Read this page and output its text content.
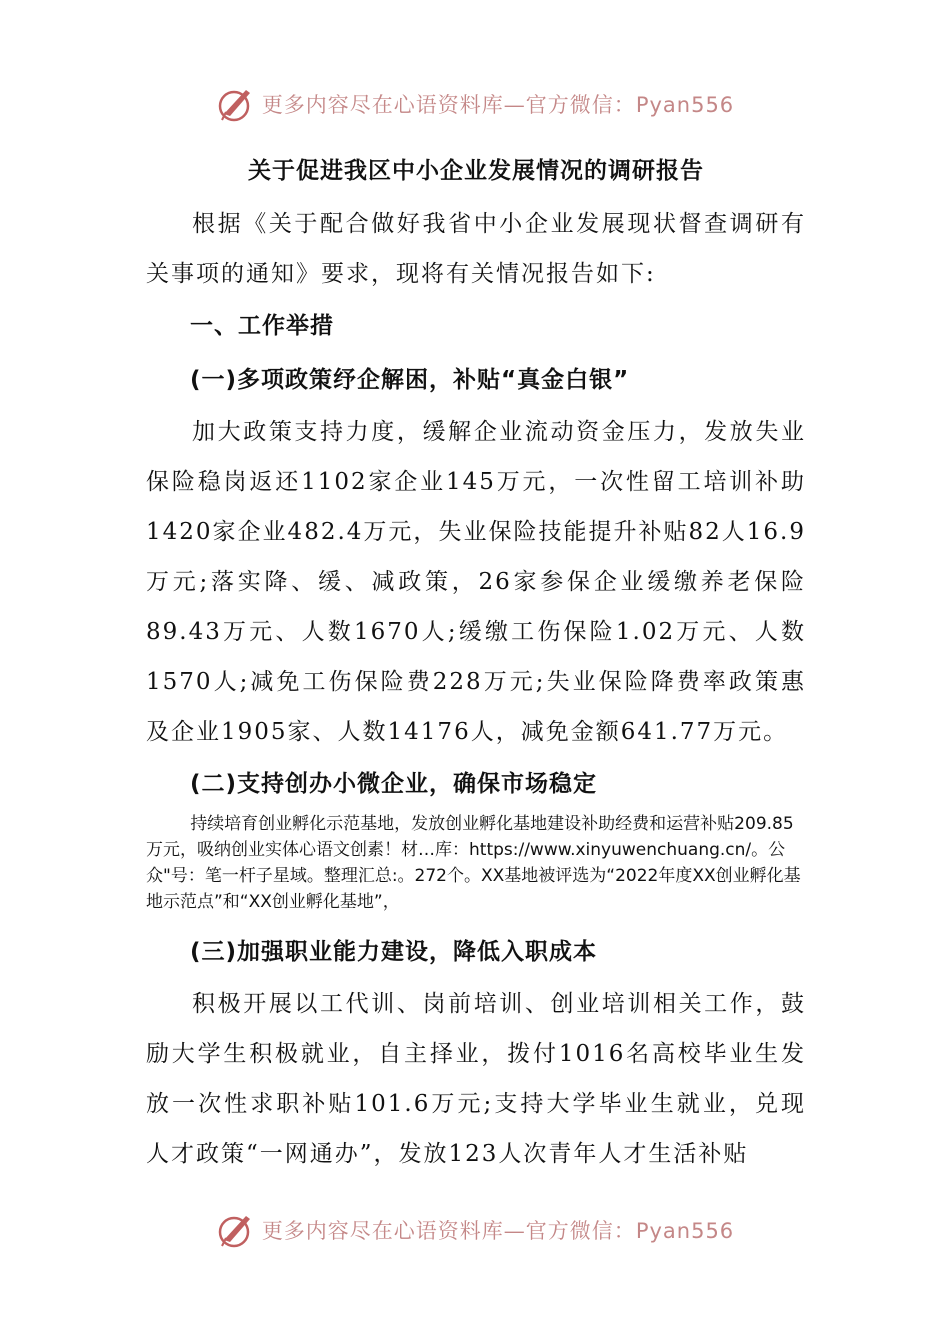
更多内容尽在心语资料库—官方微信：Pyan556
关于促进我区中小企业发展情况的调研报告

根据《关于配合做好我省中小企业发展现状督查调研有关事项的通知》要求，现将有关情况报告如下:

一、工作举措
(一)多项政策纾企解困，补贴“真金白银”

加大政策支持力度，缓解企业流动资金压力，发放失业保险稳岗返还1102家企业145万元，一次性留工培训补助1420家企业482.4万元，失业保险技能提升补贴82人16.9万元;落实降、缓、减政策，26家参保企业缓缴养老保险89.43万元、人数1670人;缓缴工伤保险1.02万元、人数1570人;减免工伤保险费228万元;失业保险降费率政策惠及企业1905家、人数14176人，减免金额641.77万元。

(二)支持创办小微企业，确保市场稳定

持续培育创业孵化示范基地，发放创业孵化基地建设补助经费和运营补贴209.85万元，吸纳创业实体心语文创素！材…库：https://www.xinyuwenchuang.cn/。公众"号：笔一杆子星域。整理汇总:。272个。XX基地被评选为“2022年度XX创业孵化基地示范点”和“XX创业孵化基地”，

(三)加强职业能力建设，降低入职成本

积极开展以工代训、岗前培训、创业培训相关工作，鼓励大学生积极就业，自主择业，拨付1016名高校毕业生发放一次性求职补贴101.6万元;支持大学毕业生就业，兑现人才政策“一网通办”，发放123人次青年人才生活补贴

更多内容尽在心语资料库—官方微信：Pyan556
